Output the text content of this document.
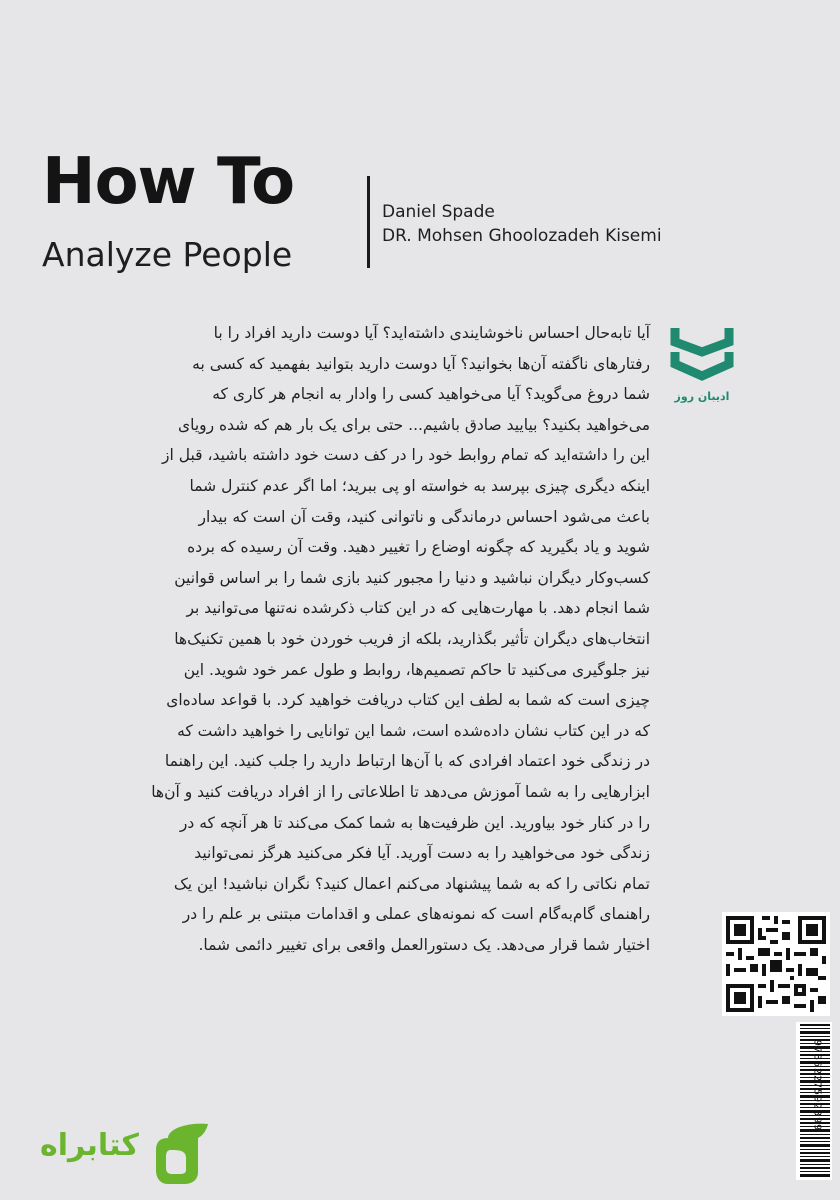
How To
Analyze People
Daniel Spade
DR. Mohsen Ghoolozadeh Kisemi
آیا تابه‌حال احساس ناخوشایندی داشته‌اید؟ آیا دوست دارید افراد را با
رفتارهای ناگفته آن‌ها بخوانید؟ آیا دوست دارید بتوانید بفهمید که کسی به
شما دروغ می‌گوید؟ آیا می‌خواهید کسی را وادار به انجام هر کاری که
می‌خواهید بکنید؟ بیایید صادق باشیم... حتی برای یک بار هم که شده رویای
این را داشته‌اید که تمام روابط خود را در کف دست خود داشته باشید، قبل از
اینکه دیگری چیزی بپرسد به خواسته او پی ببرید؛ اما اگر عدم کنترل شما
باعث می‌شود احساس درماندگی و ناتوانی کنید، وقت آن است که بیدار
شوید و یاد بگیرید که چگونه اوضاع را تغییر دهید. وقت آن رسیده که برده
کسب‌وکار دیگران نباشید و دنیا را مجبور کنید بازی شما را بر اساس قوانین
شما انجام دهد. با مهارت‌هایی که در این کتاب ذکرشده نه‌تنها می‌توانید بر
انتخاب‌های دیگران تأثیر بگذارید، بلکه از فریب خوردن خود با همین تکنیک‌ها
نیز جلوگیری می‌کنید تا حاکم تصمیم‌ها، روابط و طول عمر خود شوید. این
چیزی است که شما به لطف این کتاب دریافت خواهید کرد. با قواعد ساده‌ای
که در این کتاب نشان داده‌شده است، شما این توانایی را خواهید داشت که
در زندگی خود اعتماد افرادی که با آن‌ها ارتباط دارید را جلب کنید. این راهنما
ابزارهایی را به شما آموزش می‌دهد تا اطلاعاتی را از افراد دریافت کنید و آن‌ها
را در کنار خود بیاورید. این ظرفیت‌ها به شما کمک می‌کند تا هر آنچه که در
زندگی خود می‌خواهید را به دست آورید. آیا فکر می‌کنید هرگز نمی‌توانید
تمام نکاتی را که به شما پیشنهاد می‌کنم اعمال کنید؟ نگران نباشید! این یک
راهنمای گام‌به‌گام است که نمونه‌های عملی و اقدامات مبتنی بر علم را در
اختیار شما قرار می‌دهد. یک دستورالعمل واقعی برای تغییر دائمی شما.
ادیبان روز
9786227592399
کتابراه
